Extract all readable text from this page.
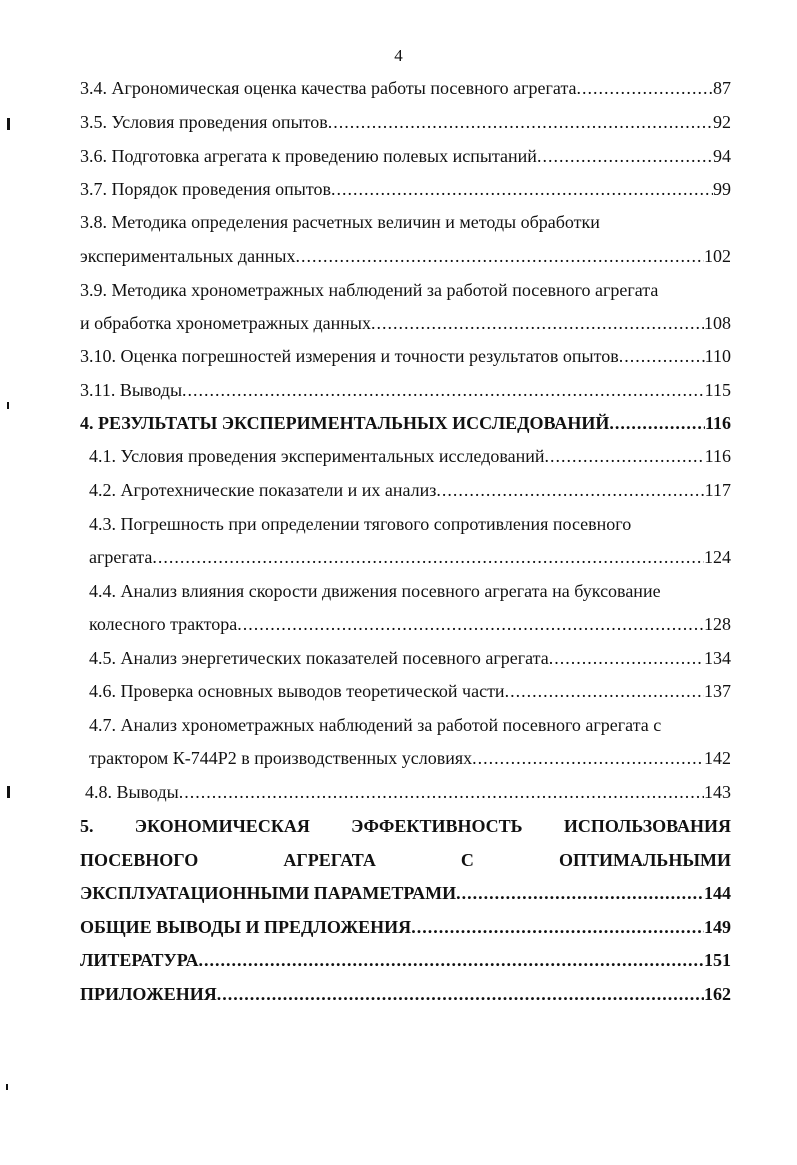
4
3.4. Агрономическая оценка качества работы посевного агрегата .....	87
3.5. Условия проведения опытов .....	92
3.6. Подготовка агрегата к проведению полевых испытаний .....	94
3.7. Порядок проведения опытов .....	99
3.8. Методика определения расчетных величин и методы обработки
экспериментальных данных .....	102
3.9. Методика хронометражных наблюдений за работой посевного агрегата
и обработка хронометражных данных .....	108
3.10. Оценка погрешностей измерения и точности результатов опытов .....	110
3.11. Выводы .....	115
4. РЕЗУЛЬТАТЫ ЭКСПЕРИМЕНТАЛЬНЫХ ИССЛЕДОВАНИЙ .....	116
4.1. Условия проведения экспериментальных исследований .....	116
4.2. Агротехнические показатели и их анализ .....	117
4.3. Погрешность при определении тягового сопротивления посевного
агрегата .....	124
4.4. Анализ влияния скорости движения посевного агрегата на буксование
колесного трактора .....	128
4.5. Анализ энергетических показателей посевного агрегата .....	134
4.6. Проверка основных выводов теоретической части .....	137
4.7. Анализ хронометражных наблюдений за работой посевного агрегата с
трактором К-744Р2 в производственных условиях .....	142
4.8. Выводы .....	143
5. ЭКОНОМИЧЕСКАЯ ЭФФЕКТИВНОСТЬ ИСПОЛЬЗОВАНИЯ
ПОСЕВНОГО	АГРЕГАТА	С	ОПТИМАЛЬНЫМИ
ЭКСПЛУАТАЦИОННЫМИ ПАРАМЕТРАМИ .....	144
ОБЩИЕ ВЫВОДЫ И ПРЕДЛОЖЕНИЯ .....	149
ЛИТЕРАТУРА .....	151
ПРИЛОЖЕНИЯ .....	162
